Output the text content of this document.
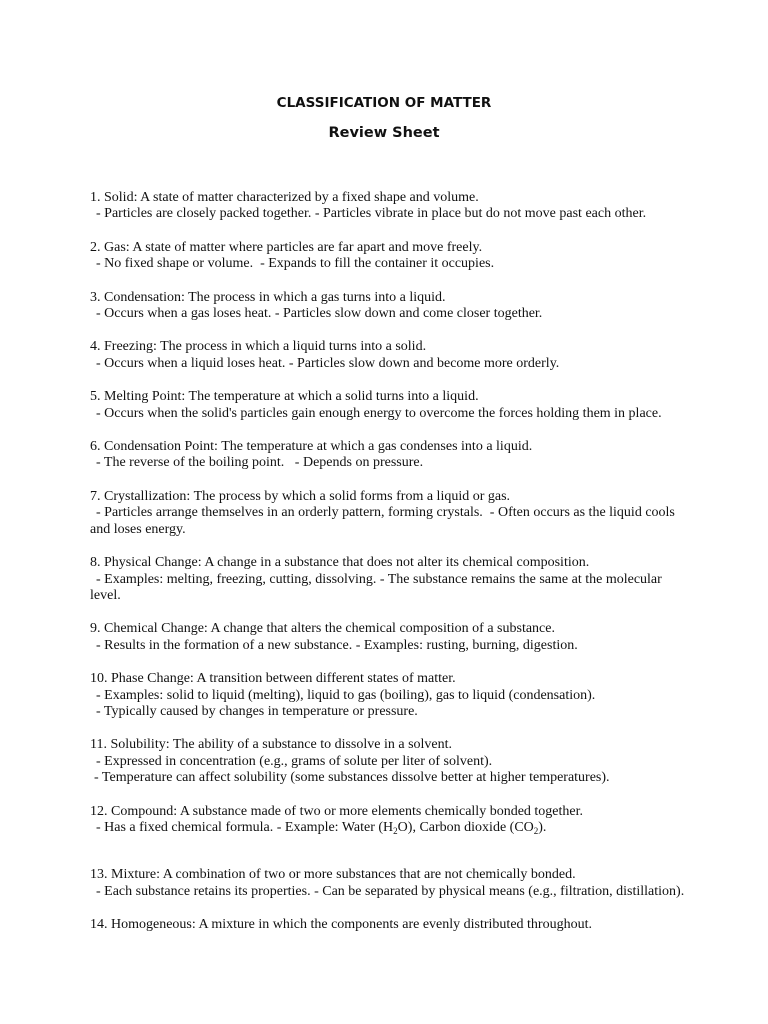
CLASSIFICATION OF MATTER
Review Sheet

1. Solid: A state of matter characterized by a fixed shape and volume.

- Particles are closely packed together. - Particles vibrate in place but do not move past each other.

2. Gas: A state of matter where particles are far apart and move freely.

- No fixed shape or volume.  - Expands to fill the container it occupies.

3. Condensation: The process in which a gas turns into a liquid.

- Occurs when a gas loses heat. - Particles slow down and come closer together.

4. Freezing: The process in which a liquid turns into a solid.

- Occurs when a liquid loses heat. - Particles slow down and become more orderly.

5. Melting Point: The temperature at which a solid turns into a liquid.

- Occurs when the solid's particles gain enough energy to overcome the forces holding them in place.

6. Condensation Point: The temperature at which a gas condenses into a liquid.

- The reverse of the boiling point.   - Depends on pressure.

7. Crystallization: The process by which a solid forms from a liquid or gas.

- Particles arrange themselves in an orderly pattern, forming crystals.  - Often occurs as the liquid cools

and loses energy.

8. Physical Change: A change in a substance that does not alter its chemical composition.

- Examples: melting, freezing, cutting, dissolving. - The substance remains the same at the molecular

level.

9. Chemical Change: A change that alters the chemical composition of a substance.

- Results in the formation of a new substance. - Examples: rusting, burning, digestion.

10. Phase Change: A transition between different states of matter.

- Examples: solid to liquid (melting), liquid to gas (boiling), gas to liquid (condensation).

- Typically caused by changes in temperature or pressure.

11. Solubility: The ability of a substance to dissolve in a solvent.

- Expressed in concentration (e.g., grams of solute per liter of solvent).

- Temperature can affect solubility (some substances dissolve better at higher temperatures).

12. Compound: A substance made of two or more elements chemically bonded together.

- Has a fixed chemical formula. - Example: Water $(H_2O)$, Carbon dioxide $(CO_2)$.

13. Mixture: A combination of two or more substances that are not chemically bonded.

- Each substance retains its properties. - Can be separated by physical means (e.g., filtration, distillation).

14. Homogeneous: A mixture in which the components are evenly distributed throughout.
